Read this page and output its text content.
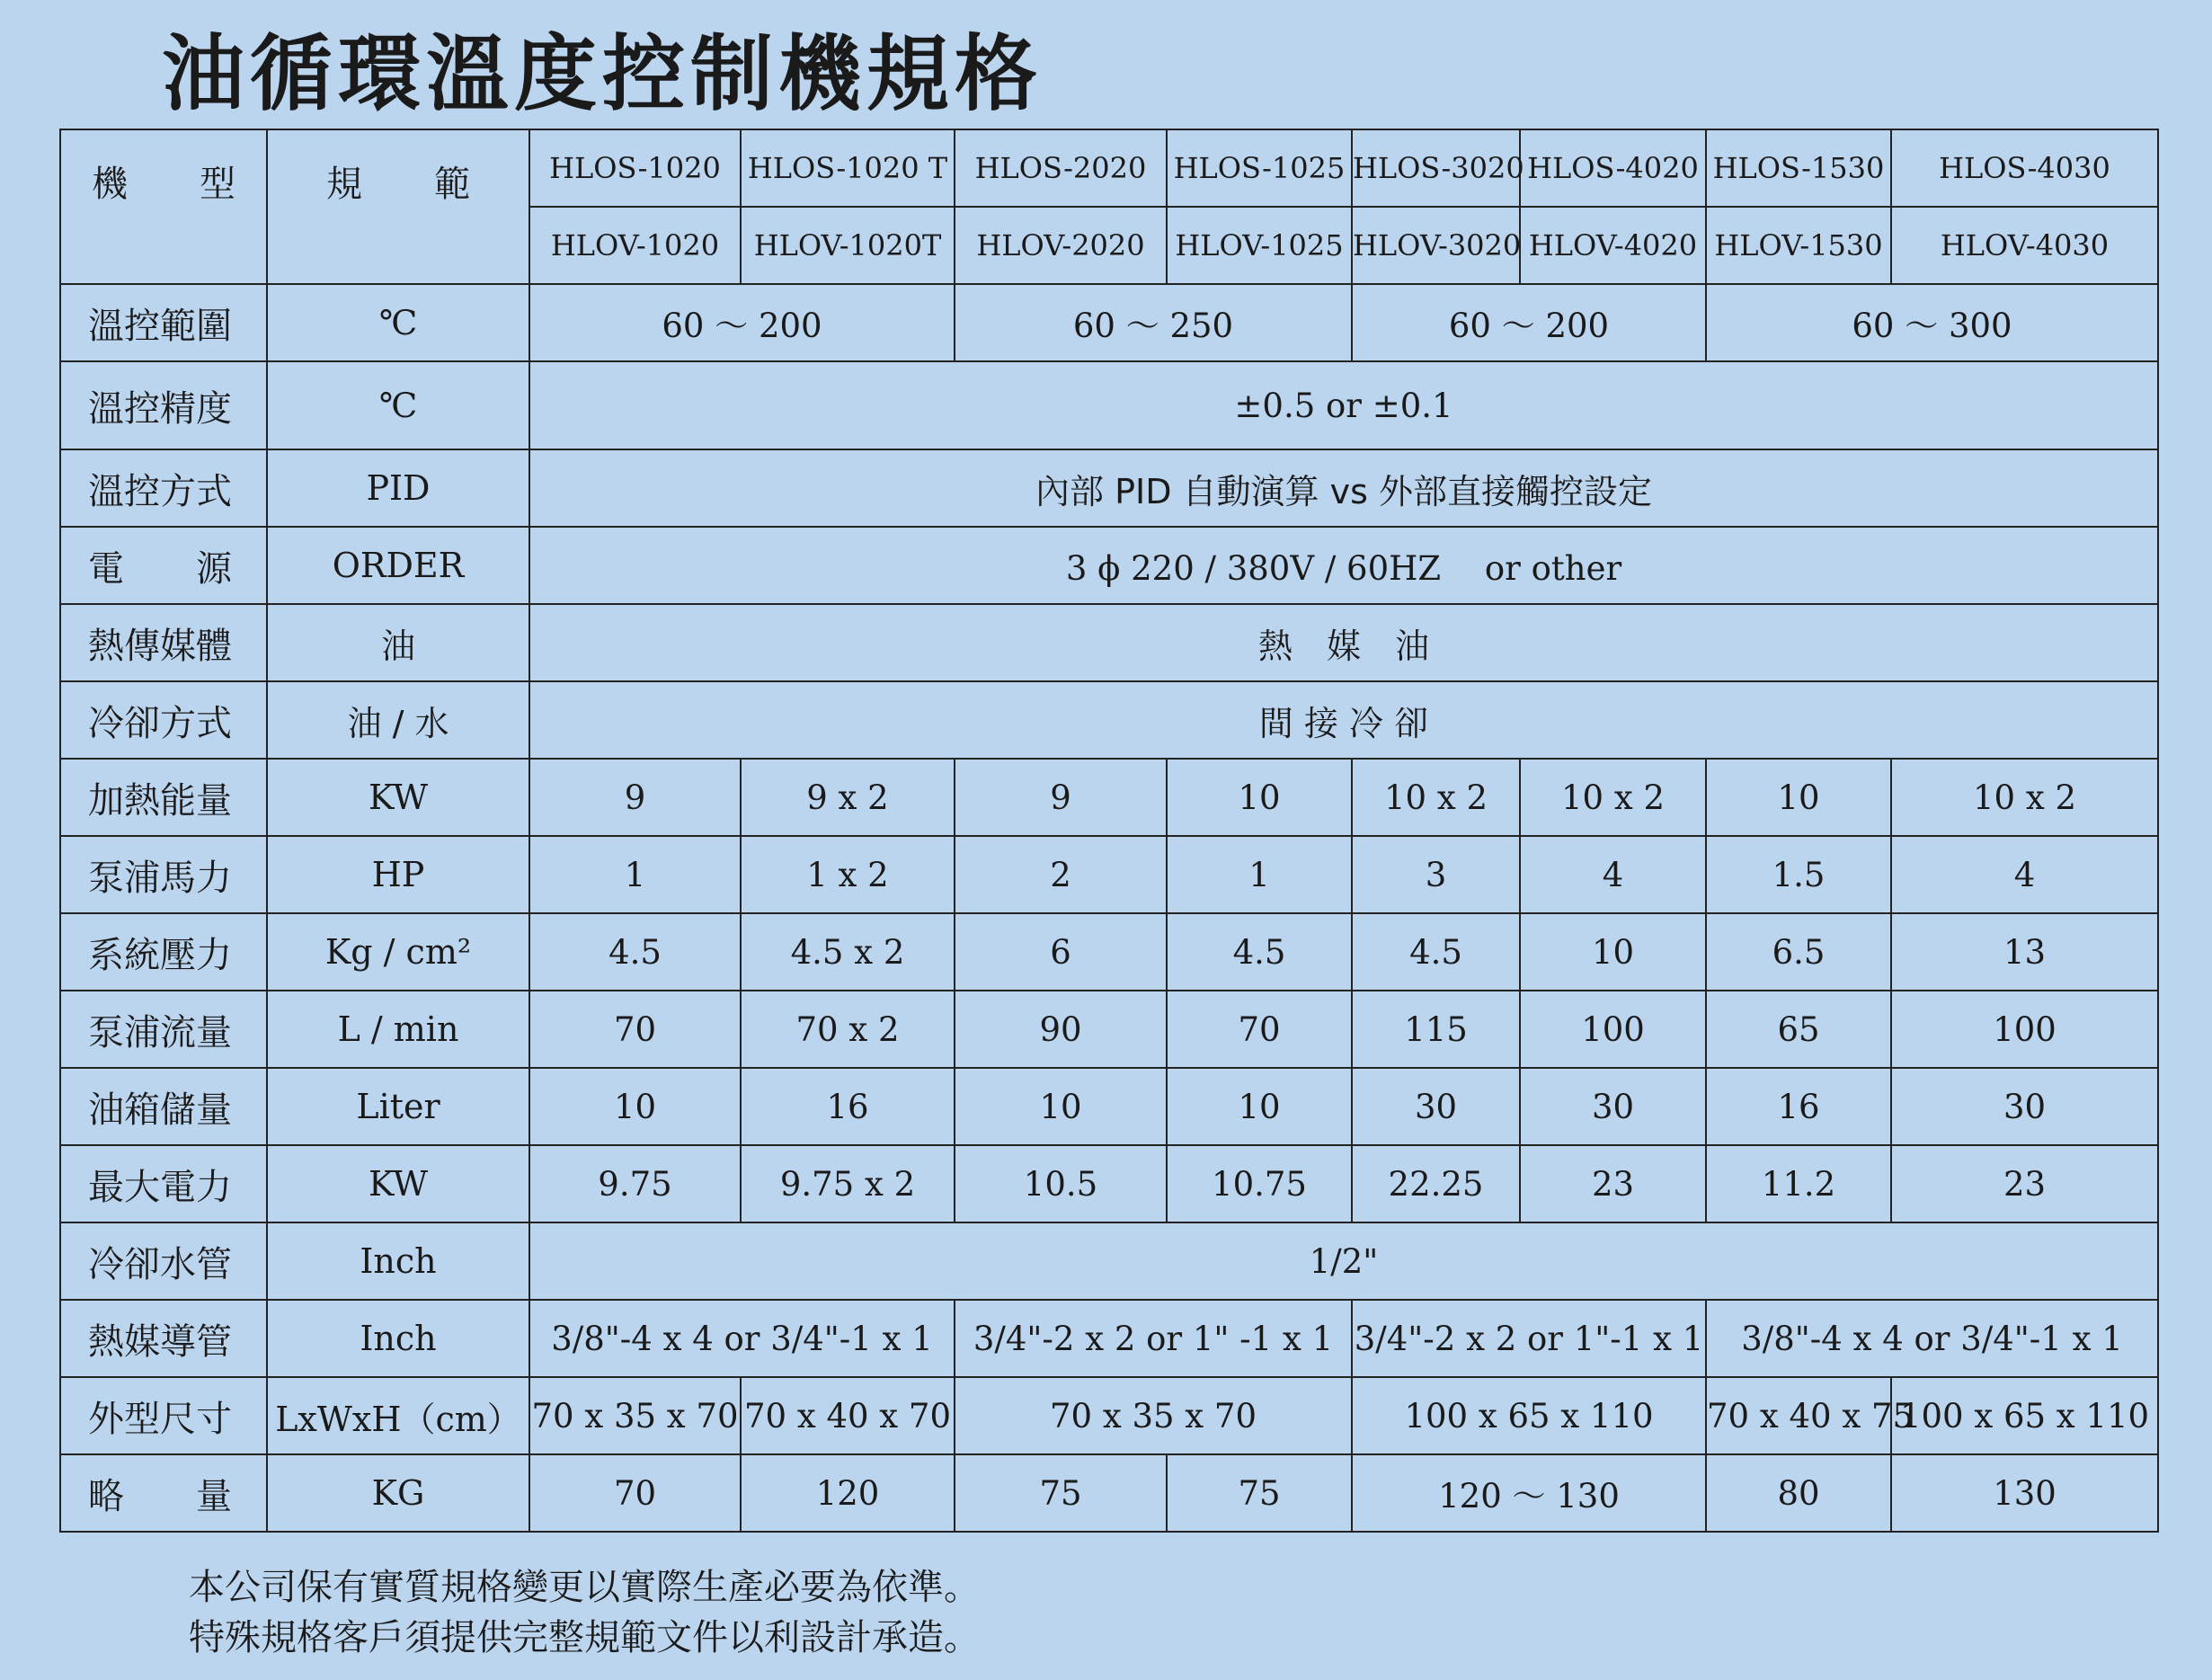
油循環溫度控制機規格
機　　型	規　　範	HLOS-1020	HLOS-1020 T	HLOS-2020	HLOS-1025	HLOS-3020	HLOS-4020	HLOS-1530	HLOS-4030
		HLOV-1020	HLOV-1020T	HLOV-2020	HLOV-1025	HLOV-3020	HLOV-4020	HLOV-1530	HLOV-4030
溫控範圍	℃	60 ～ 200		60 ～ 250		60 ～ 200		60 ～ 300	
溫控精度	℃	±0.5 or ±0.1							
溫控方式	PID	內部 PID 自動演算 vs 外部直接觸控設定							
電　　源	ORDER	3 ϕ 220 / 380V / 60HZ　 or other							
熱傳媒體	油	熱　媒　油							
冷卻方式	油 / 水	間 接 冷 卻							
加熱能量	KW	9	9 x 2	9	10	10 x 2	10 x 2	10	10 x 2
泵浦馬力	HP	1	1 x 2	2	1	3	4	1.5	4
系統壓力	Kg / cm²	4.5	4.5 x 2	6	4.5	4.5	10	6.5	13
泵浦流量	L / min	70	70 x 2	90	70	115	100	65	100
油箱儲量	Liter	10	16	10	10	30	30	16	30
最大電力	KW	9.75	9.75 x 2	10.5	10.75	22.25	23	11.2	23
冷卻水管	Inch	1/2"							
熱媒導管	Inch	3/8"-4 x 4 or 3/4"-1 x 1		3/4"-2 x 2 or 1" -1 x 1		3/4"-2 x 2 or 1"-1 x 1		3/8"-4 x 4 or 3/4"-1 x 1	
外型尺寸	LxWxH（cm）	70 x 35 x 70	70 x 40 x 70	70 x 35 x 70		100 x 65 x 110		70 x 40 x 75	100 x 65 x 110
略　　量	KG	70	120	75	75	120 ～ 130		80	130
本公司保有實質規格變更以實際生產必要為依準。
特殊規格客戶須提供完整規範文件以利設計承造。
